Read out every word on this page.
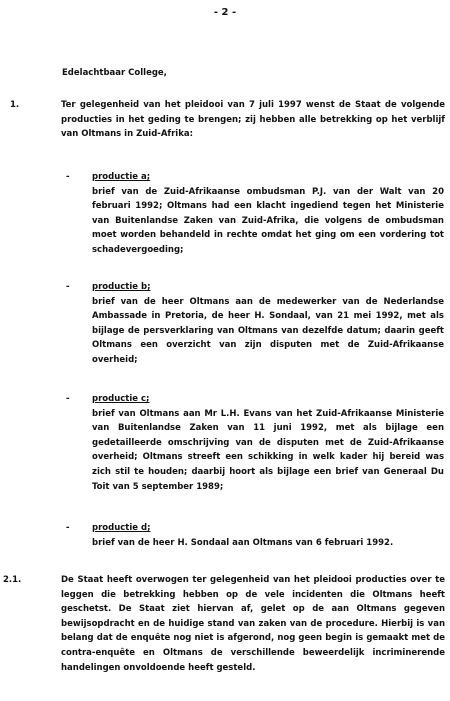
- 2 -
Edelachtbaar College,
1.	Ter gelegenheid van het pleidooi van 7 juli 1997 wenst de Staat de volgende producties in het geding te brengen; zij hebben alle betrekking op het verblijf van Oltmans in Zuid-Afrika:
-	productie a;
brief van de Zuid-Afrikaanse ombudsman P.J. van der Walt van 20 februari 1992; Oltmans had een klacht ingediend tegen het Ministerie van Buitenlandse Zaken van Zuid-Afrika, die volgens de ombudsman moet worden behandeld in rechte omdat het ging om een vordering tot schadevergoeding;
-	productie b;
brief van de heer Oltmans aan de medewerker van de Nederlandse Ambassade in Pretoria, de heer H. Sondaal, van 21 mei 1992, met als bijlage de persverklaring van Oltmans van dezelfde datum; daarin geeft Oltmans een overzicht van zijn disputen met de Zuid-Afrikaanse overheid;
-	productie c;
brief van Oltmans aan Mr L.H. Evans van het Zuid-Afrikaanse Ministerie van Buitenlandse Zaken van 11 juni 1992, met als bijlage een gedetailleerde omschrijving van de disputen met de Zuid-Afrikaanse overheid; Oltmans streeft een schikking in welk kader hij bereid was zich stil te houden; daarbij hoort als bijlage een brief van Generaal Du Toit van 5 september 1989;
-	productie d;
brief van de heer H. Sondaal aan Oltmans van 6 februari 1992.
2.1.	De Staat heeft overwogen ter gelegenheid van het pleidooi producties over te leggen die betrekking hebben op de vele incidenten die Oltmans heeft geschetst. De Staat ziet hiervan af, gelet op de aan Oltmans gegeven bewijsopdracht en de huidige stand van zaken van de procedure. Hierbij is van belang dat de enquête nog niet is afgerond, nog geen begin is gemaakt met de contra-enquête en Oltmans de verschillende beweerdelijk incriminerende handelingen onvoldoende heeft gesteld.
